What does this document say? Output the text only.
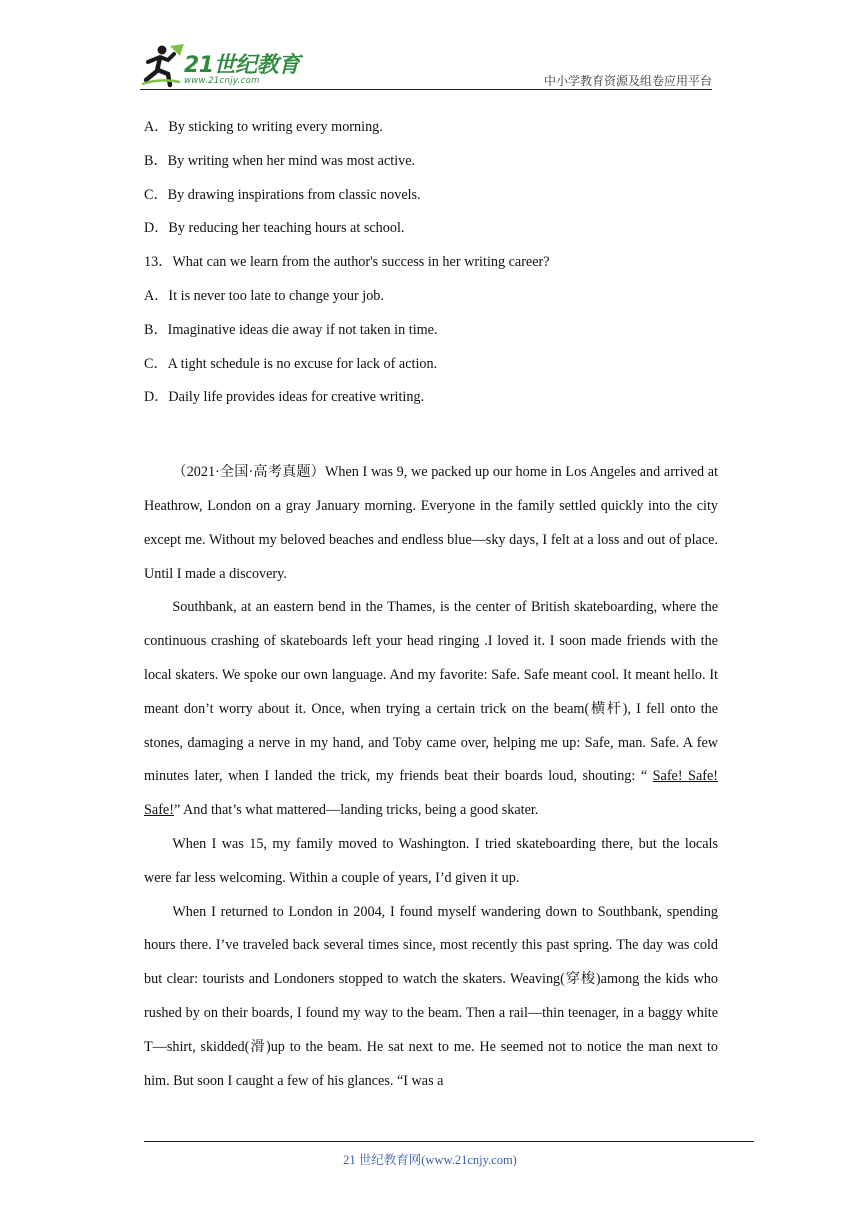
21世纪教育
www.21cnjy.com	中小学教育资源及组卷应用平台
A．By sticking to writing every morning.
B．By writing when her mind was most active.
C．By drawing inspirations from classic novels.
D．By reducing her teaching hours at school.
13．What can we learn from the author's success in her writing career?
A．It is never too late to change your job.
B．Imaginative ideas die away if not taken in time.
C．A tight schedule is no excuse for lack of action.
D．Daily life provides ideas for creative writing.

（2021·全国·高考真题）When I was 9, we packed up our home in Los Angeles and arrived at Heathrow, London on a gray January morning. Everyone in the family settled quickly into the city except me. Without my beloved beaches and endless blue—sky days, I felt at a loss and out of place. Until I made a discovery.

Southbank, at an eastern bend in the Thames, is the center of British skateboarding, where the continuous crashing of skateboards left your head ringing .I loved it. I soon made friends with the local skaters. We spoke our own language. And my favorite: Safe. Safe meant cool. It meant hello. It meant don’t worry about it. Once, when trying a certain trick on the beam(横杆), I fell onto the stones, damaging a nerve in my hand, and Toby came over, helping me up: Safe, man. Safe. A few minutes later, when I landed the trick, my friends beat their boards loud, shouting: “ Safe! Safe! Safe!” And that’s what mattered—landing tricks, being a good skater.

When I was 15, my family moved to Washington. I tried skateboarding there, but the locals were far less welcoming. Within a couple of years, I’d given it up.

When I returned to London in 2004, I found myself wandering down to Southbank, spending hours there. I’ve traveled back several times since, most recently this past spring. The day was cold but clear: tourists and Londoners stopped to watch the skaters. Weaving(穿梭)among the kids who rushed by on their boards, I found my way to the beam. Then a rail—thin teenager, in a baggy white T—shirt, skidded(滑)up to the beam. He sat next to me. He seemed not to notice the man next to him. But soon I caught a few of his glances. “I was a

21 世纪教育网(www.21cnjy.com)
